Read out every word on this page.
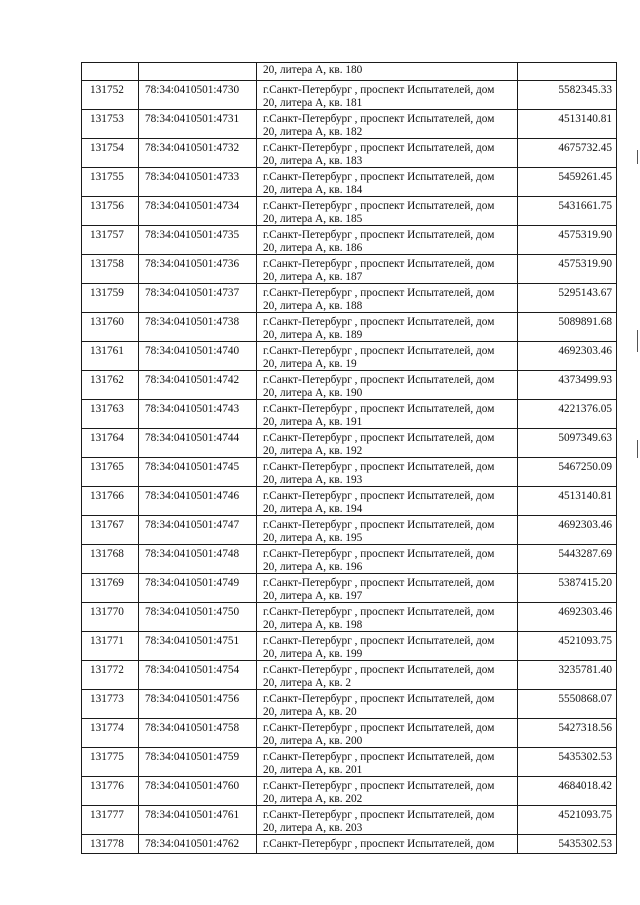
		20, литера А, кв. 180	

131752	78:34:0410501:4730	г.Санкт-Петербург , проспект Испытателей, дом
20, литера А, кв. 181	5582345.33
131753	78:34:0410501:4731	г.Санкт-Петербург , проспект Испытателей, дом
20, литера А, кв. 182	4513140.81
131754	78:34:0410501:4732	г.Санкт-Петербург , проспект Испытателей, дом
20, литера А, кв. 183	4675732.45
131755	78:34:0410501:4733	г.Санкт-Петербург , проспект Испытателей, дом
20, литера А, кв. 184	5459261.45
131756	78:34:0410501:4734	г.Санкт-Петербург , проспект Испытателей, дом
20, литера А, кв. 185	5431661.75
131757	78:34:0410501:4735	г.Санкт-Петербург , проспект Испытателей, дом
20, литера А, кв. 186	4575319.90
131758	78:34:0410501:4736	г.Санкт-Петербург , проспект Испытателей, дом
20, литера А, кв. 187	4575319.90
131759	78:34:0410501:4737	г.Санкт-Петербург , проспект Испытателей, дом
20, литера А, кв. 188	5295143.67
131760	78:34:0410501:4738	г.Санкт-Петербург , проспект Испытателей, дом
20, литера А, кв. 189	5089891.68
131761	78:34:0410501:4740	г.Санкт-Петербург , проспект Испытателей, дом
20, литера А, кв. 19	4692303.46
131762	78:34:0410501:4742	г.Санкт-Петербург , проспект Испытателей, дом
20, литера А, кв. 190	4373499.93
131763	78:34:0410501:4743	г.Санкт-Петербург , проспект Испытателей, дом
20, литера А, кв. 191	4221376.05
131764	78:34:0410501:4744	г.Санкт-Петербург , проспект Испытателей, дом
20, литера А, кв. 192	5097349.63
131765	78:34:0410501:4745	г.Санкт-Петербург , проспект Испытателей, дом
20, литера А, кв. 193	5467250.09
131766	78:34:0410501:4746	г.Санкт-Петербург , проспект Испытателей, дом
20, литера А, кв. 194	4513140.81
131767	78:34:0410501:4747	г.Санкт-Петербург , проспект Испытателей, дом
20, литера А, кв. 195	4692303.46
131768	78:34:0410501:4748	г.Санкт-Петербург , проспект Испытателей, дом
20, литера А, кв. 196	5443287.69
131769	78:34:0410501:4749	г.Санкт-Петербург , проспект Испытателей, дом
20, литера А, кв. 197	5387415.20
131770	78:34:0410501:4750	г.Санкт-Петербург , проспект Испытателей, дом
20, литера А, кв. 198	4692303.46
131771	78:34:0410501:4751	г.Санкт-Петербург , проспект Испытателей, дом
20, литера А, кв. 199	4521093.75
131772	78:34:0410501:4754	г.Санкт-Петербург , проспект Испытателей, дом
20, литера А, кв. 2	3235781.40
131773	78:34:0410501:4756	г.Санкт-Петербург , проспект Испытателей, дом
20, литера А, кв. 20	5550868.07
131774	78:34:0410501:4758	г.Санкт-Петербург , проспект Испытателей, дом
20, литера А, кв. 200	5427318.56
131775	78:34:0410501:4759	г.Санкт-Петербург , проспект Испытателей, дом
20, литера А, кв. 201	5435302.53
131776	78:34:0410501:4760	г.Санкт-Петербург , проспект Испытателей, дом
20, литера А, кв. 202	4684018.42
131777	78:34:0410501:4761	г.Санкт-Петербург , проспект Испытателей, дом
20, литера А, кв. 203	4521093.75
131778	78:34:0410501:4762	г.Санкт-Петербург , проспект Испытателей, дом	5435302.53
